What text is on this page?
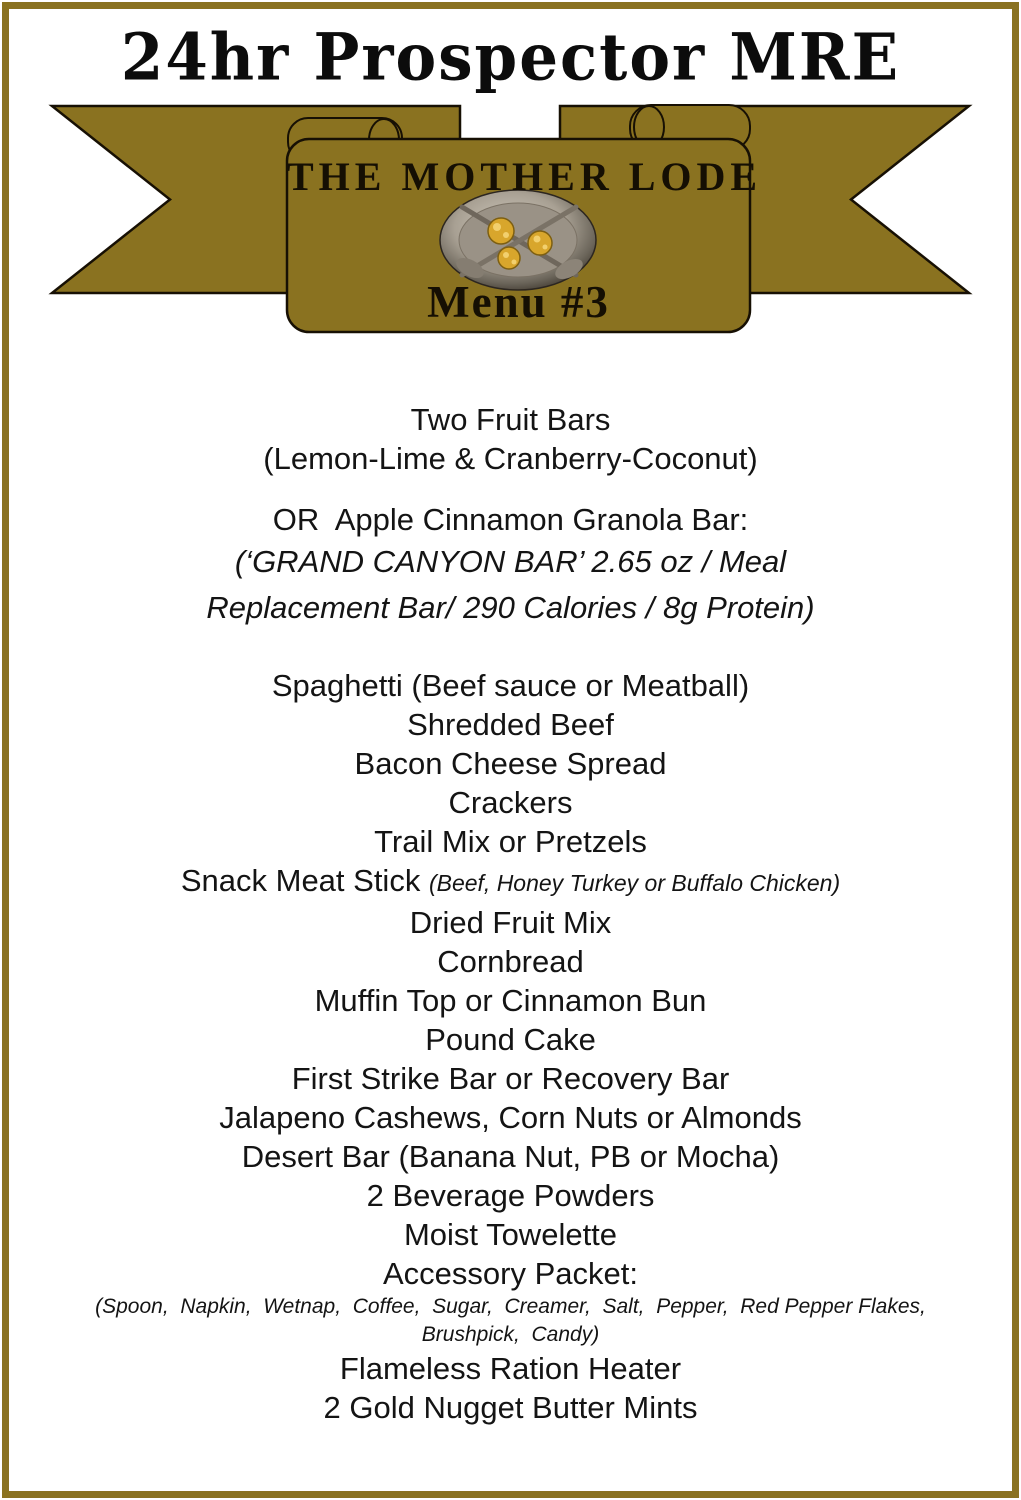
24hr Prospector MRE
THE MOTHER LODE
Menu #3
Two Fruit Bars
(Lemon-Lime & Cranberry-Coconut)
OR  Apple Cinnamon Granola Bar:
(‘GRAND CANYON BAR’ 2.65 oz / Meal
Replacement Bar/ 290 Calories / 8g Protein)
Spaghetti (Beef sauce or Meatball)
Shredded Beef
Bacon Cheese Spread
Crackers
Trail Mix or Pretzels
Snack Meat Stick (Beef, Honey Turkey or Buffalo Chicken)
Dried Fruit Mix
Cornbread
Muffin Top or Cinnamon Bun
Pound Cake
First Strike Bar or Recovery Bar
Jalapeno Cashews, Corn Nuts or Almonds
Desert Bar (Banana Nut, PB or Mocha)
2 Beverage Powders
Moist Towelette
Accessory Packet:
(Spoon,  Napkin,  Wetnap,  Coffee,  Sugar,  Creamer,  Salt,  Pepper,  Red Pepper Flakes,
Brushpick,  Candy)
Flameless Ration Heater
2 Gold Nugget Butter Mints
